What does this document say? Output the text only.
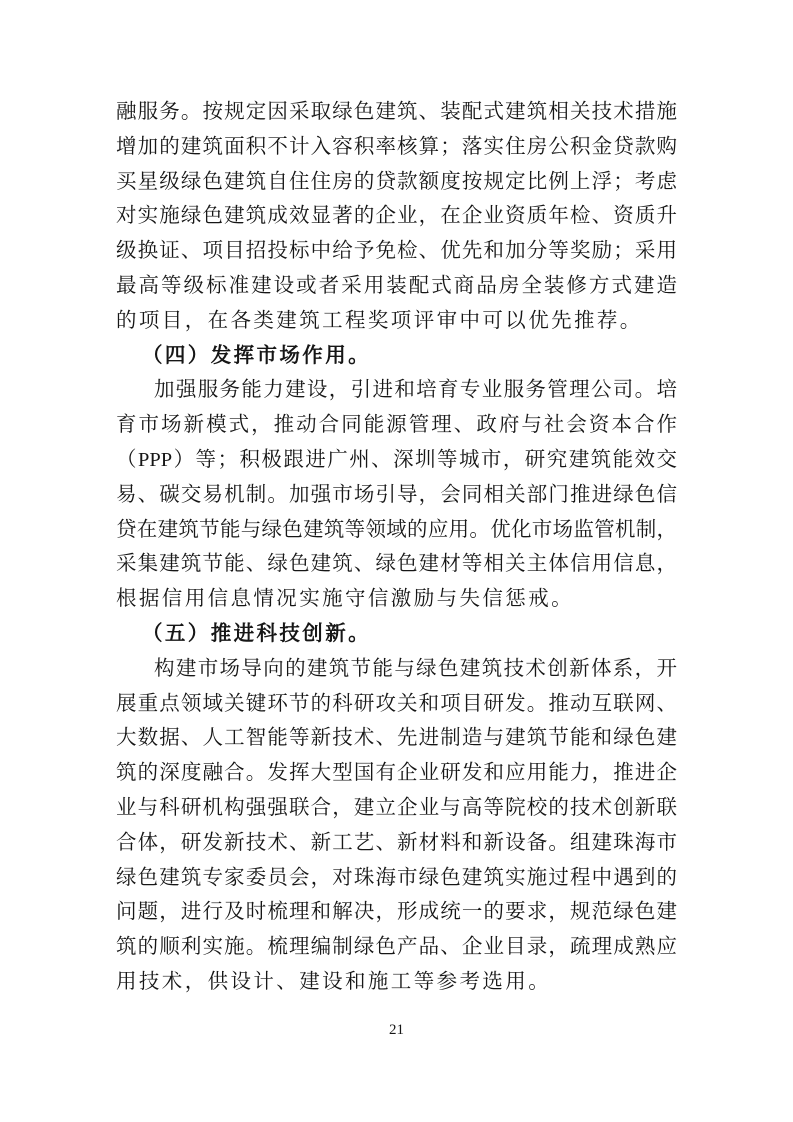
融服务。按规定因采取绿色建筑、装配式建筑相关技术措施
增加的建筑面积不计入容积率核算；落实住房公积金贷款购
买星级绿色建筑自住住房的贷款额度按规定比例上浮；考虑
对实施绿色建筑成效显著的企业，在企业资质年检、资质升
级换证、项目招投标中给予免检、优先和加分等奖励；采用
最高等级标准建设或者采用装配式商品房全装修方式建造
的项目，在各类建筑工程奖项评审中可以优先推荐。
（四）发挥市场作用。
加强服务能力建设，引进和培育专业服务管理公司。培
育市场新模式，推动合同能源管理、政府与社会资本合作
（PPP）等；积极跟进广州、深圳等城市，研究建筑能效交
易、碳交易机制。加强市场引导，会同相关部门推进绿色信
贷在建筑节能与绿色建筑等领域的应用。优化市场监管机制，
采集建筑节能、绿色建筑、绿色建材等相关主体信用信息，
根据信用信息情况实施守信激励与失信惩戒。
（五）推进科技创新。
构建市场导向的建筑节能与绿色建筑技术创新体系，开
展重点领域关键环节的科研攻关和项目研发。推动互联网、
大数据、人工智能等新技术、先进制造与建筑节能和绿色建
筑的深度融合。发挥大型国有企业研发和应用能力，推进企
业与科研机构强强联合，建立企业与高等院校的技术创新联
合体，研发新技术、新工艺、新材料和新设备。组建珠海市
绿色建筑专家委员会，对珠海市绿色建筑实施过程中遇到的
问题，进行及时梳理和解决，形成统一的要求，规范绿色建
筑的顺利实施。梳理编制绿色产品、企业目录，疏理成熟应
用技术，供设计、建设和施工等参考选用。
21
